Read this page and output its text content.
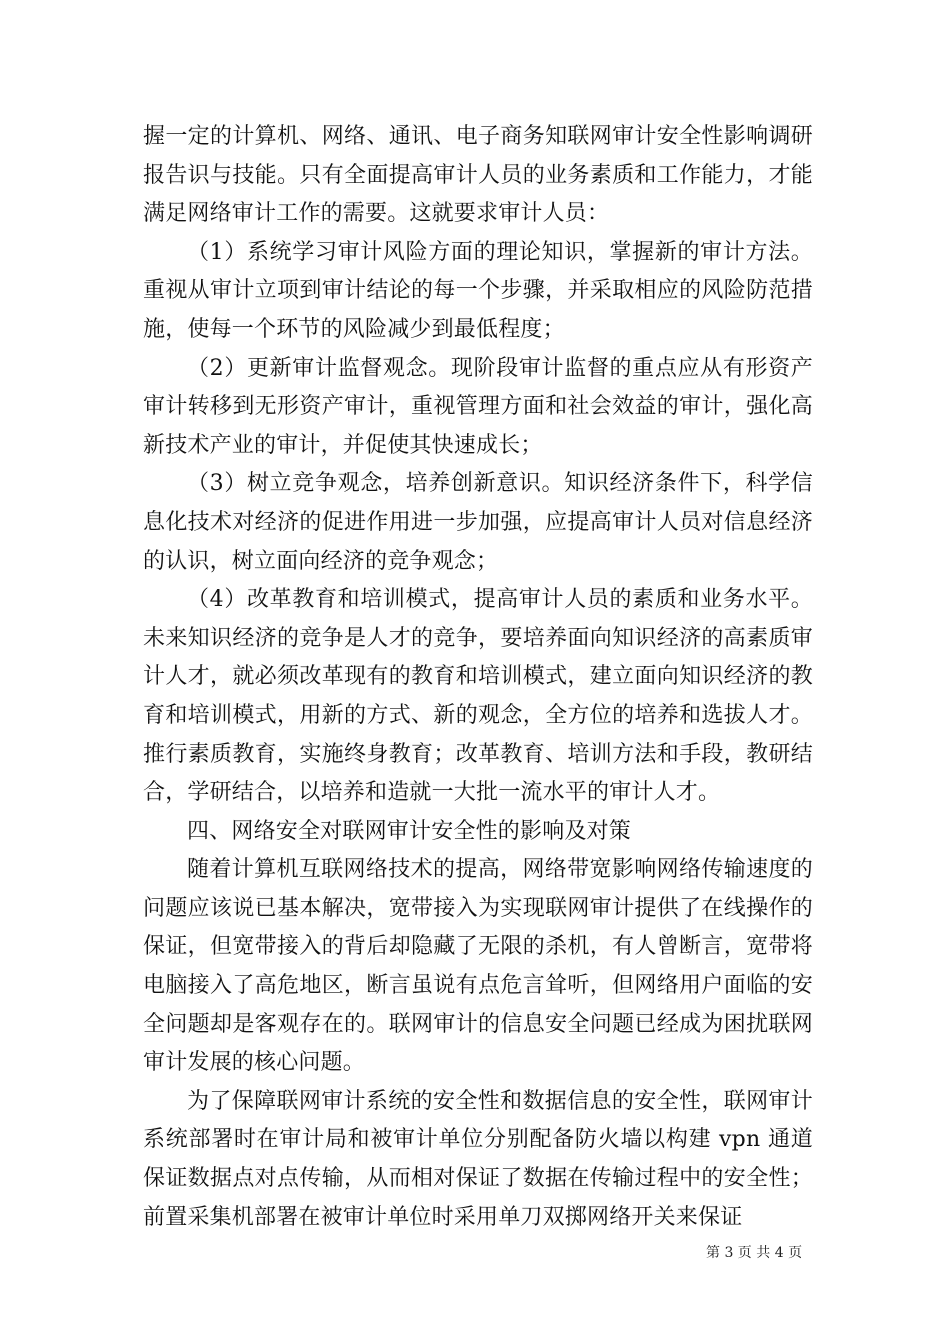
握一定的计算机、网络、通讯、电子商务知联网审计安全性影响调研报告识与技能。只有全面提高审计人员的业务素质和工作能力，才能满足网络审计工作的需要。这就要求审计人员：

（1）系统学习审计风险方面的理论知识，掌握新的审计方法。重视从审计立项到审计结论的每一个步骤，并采取相应的风险防范措施，使每一个环节的风险减少到最低程度；

（2）更新审计监督观念。现阶段审计监督的重点应从有形资产审计转移到无形资产审计，重视管理方面和社会效益的审计，强化高新技术产业的审计，并促使其快速成长；

（3）树立竞争观念，培养创新意识。知识经济条件下，科学信息化技术对经济的促进作用进一步加强，应提高审计人员对信息经济的认识，树立面向经济的竞争观念；

（4）改革教育和培训模式，提高审计人员的素质和业务水平。未来知识经济的竞争是人才的竞争，要培养面向知识经济的高素质审计人才，就必须改革现有的教育和培训模式，建立面向知识经济的教育和培训模式，用新的方式、新的观念，全方位的培养和选拔人才。推行素质教育，实施终身教育；改革教育、培训方法和手段，教研结合，学研结合，以培养和造就一大批一流水平的审计人才。

四、网络安全对联网审计安全性的影响及对策

随着计算机互联网络技术的提高，网络带宽影响网络传输速度的问题应该说已基本解决，宽带接入为实现联网审计提供了在线操作的保证，但宽带接入的背后却隐藏了无限的杀机，有人曾断言，宽带将电脑接入了高危地区，断言虽说有点危言耸听，但网络用户面临的安全问题却是客观存在的。联网审计的信息安全问题已经成为困扰联网审计发展的核心问题。

为了保障联网审计系统的安全性和数据信息的安全性，联网审计系统部署时在审计局和被审计单位分别配备防火墙以构建 vpn 通道保证数据点对点传输，从而相对保证了数据在传输过程中的安全性；前置采集机部署在被审计单位时采用单刀双掷网络开关来保证

第 3 页 共 4 页
